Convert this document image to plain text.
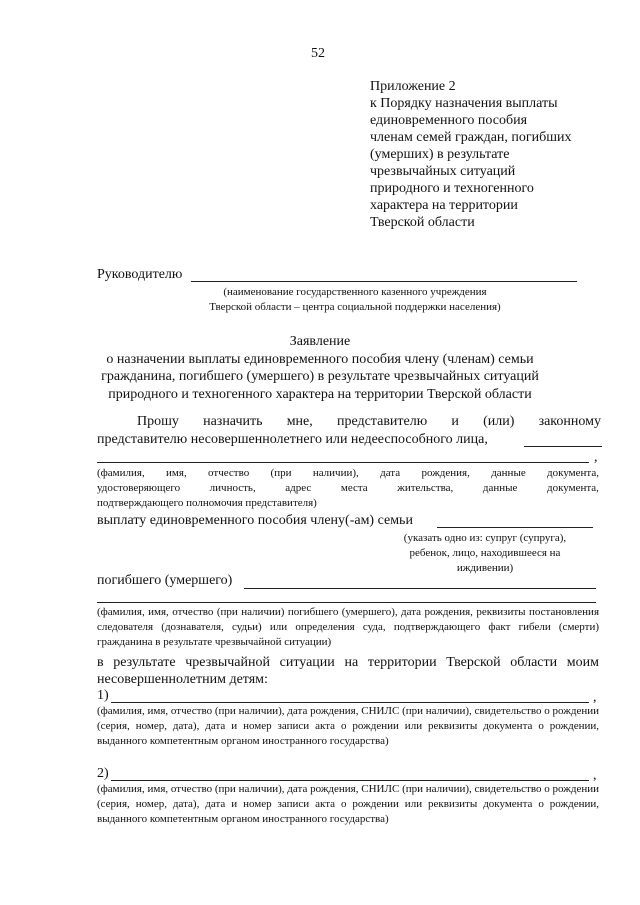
52
Приложение 2
к Порядку назначения выплаты
единовременного пособия
членам семей граждан, погибших
(умерших) в результате
чрезвычайных ситуаций
природного и техногенного
характера на территории
Тверской области
Руководителю
(наименование государственного казенного учреждения
Тверской области – центра социальной поддержки населения)
Заявление
о назначении выплаты единовременного пособия члену (членам) семьи
гражданина, погибшего (умершего) в результате чрезвычайных ситуаций
природного и техногенного характера на территории Тверской области
Прошу назначить мне, представителю и (или) законному
представителю несовершеннолетнего или недееспособного лица,
,
(фамилия, имя, отчество (при наличии), дата рождения, данные документа,
удостоверяющего	личность,	адрес	места	жительства,	данные	документа,
подтверждающего полномочия представителя)
выплату единовременного пособия члену(-ам) семьи
(указать одно из: супруг (супруга),
ребенок, лицо, находившееся на
иждивении)
погибшего (умершего)
(фамилия, имя, отчество (при наличии) погибшего (умершего), дата рождения, реквизиты постановления следователя (дознавателя, судьи) или определения суда, подтверждающего факт гибели (смерти) гражданина в результате чрезвычайной ситуации)
в результате чрезвычайной ситуации на территории Тверской области моим
несовершеннолетним детям:
1)	,
(фамилия, имя, отчество (при наличии), дата рождения, СНИЛС (при наличии), свидетельство о рождении (серия, номер, дата), дата и номер записи акта о рождении или реквизиты документа о рождении, выданного компетентным органом иностранного государства)
2)	,
(фамилия, имя, отчество (при наличии), дата рождения, СНИЛС (при наличии), свидетельство о рождении (серия, номер, дата), дата и номер записи акта о рождении или реквизиты документа о рождении, выданного компетентным органом иностранного государства)
